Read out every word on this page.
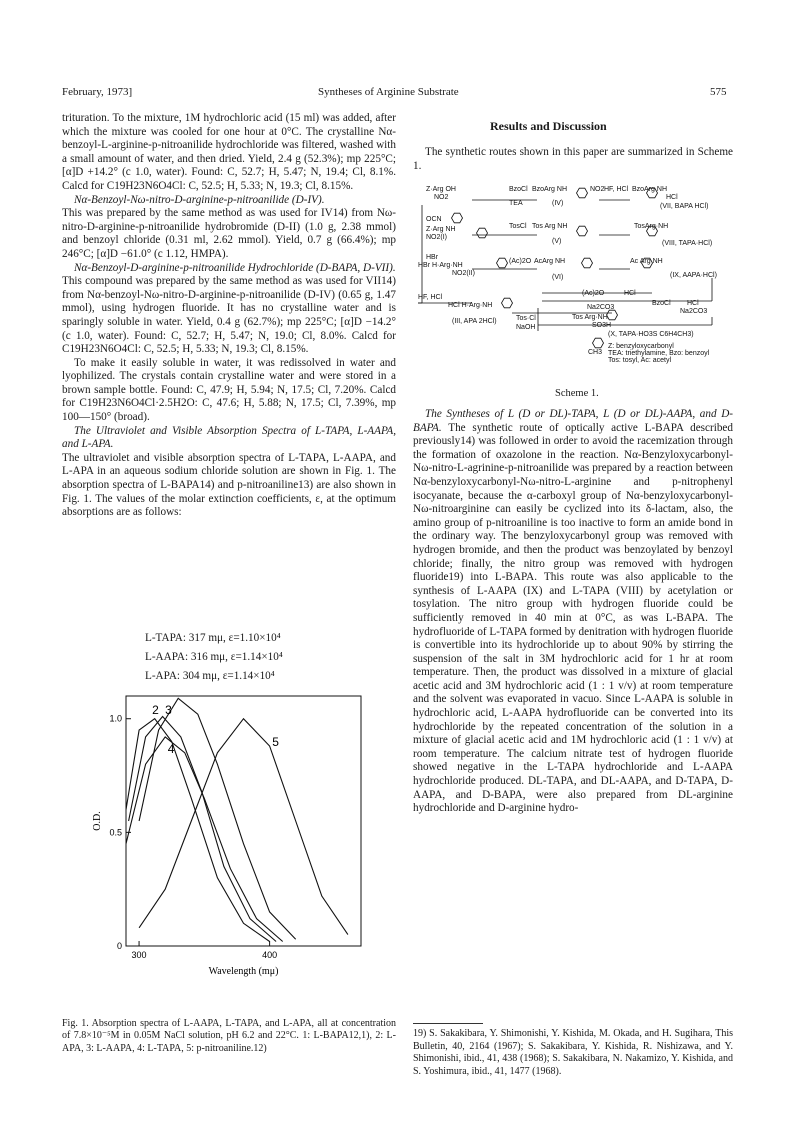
February, 1973]	Syntheses of Arginine Substrate	575

trituration. To the mixture, 1M hydrochloric acid (15 ml) was added, after which the mixture was cooled for one hour at 0°C. The crystalline Nα-benzoyl-L-arginine-p-nitroanilide hydrochloride was filtered, washed with a small amount of water, and then dried. Yield, 2.4 g (52.3%); mp 225°C; [α]D +14.2° (c 1.0, water). Found: C, 52.7; H, 5.47; N, 19.4; Cl, 8.1%. Calcd for C19H23N6O4Cl: C, 52.5; H, 5.33; N, 19.3; Cl, 8.15%.

Nα-Benzoyl-Nω-nitro-D-arginine-p-nitroanilide (D-IV).

This was prepared by the same method as was used for IV14) from Nω-nitro-D-arginine-p-nitroanilide hydrobromide (D-II) (1.0 g, 2.38 mmol) and benzoyl chloride (0.31 ml, 2.62 mmol). Yield, 0.7 g (66.4%); mp 246°C; [α]D −61.0° (c 1.12, HMPA).

Nα-Benzoyl-D-arginine-p-nitroanilide Hydrochloride (D-BAPA, D-VII).

This compound was prepared by the same method as was used for VII14) from Nα-benzoyl-Nω-nitro-D-arginine-p-nitroanilide (D-IV) (0.65 g, 1.47 mmol), using hydrogen fluoride. It has no crystalline water and is sparingly soluble in water. Yield, 0.4 g (62.7%); mp 225°C; [α]D −14.2° (c 1.0, water). Found: C, 52.7; H, 5.47; N, 19.0; Cl, 8.0%. Calcd for C19H23N6O4Cl: C, 52.5; H, 5.33; N, 19.3; Cl, 8.15%.

To make it easily soluble in water, it was redissolved in water and lyophilized. The crystals contain crystalline water and were stored in a brown sample bottle. Found: C, 47.9; H, 5.94; N, 17.5; Cl, 7.20%. Calcd for C19H23N6O4Cl·2.5H2O: C, 47.6; H, 5.88; N, 17.5; Cl, 7.39%, mp 100—150° (broad).

The Ultraviolet and Visible Absorption Spectra of L-TAPA, L-AAPA, and L-APA.

The ultraviolet and visible absorption spectra of L-TAPA, L-AAPA, and L-APA in an aqueous sodium chloride solution are shown in Fig. 1. The absorption spectra of L-BAPA14) and p-nitroaniline13) are also shown in Fig. 1. The values of the molar extinction coefficients, ε, at the optimum absorptions are as follows:

L-TAPA: 317 mμ, ε=1.10×10⁴
L-AAPA: 316 mμ, ε=1.14×10⁴
L-APA: 304 mμ, ε=1.14×10⁴
0
0.5
1.0
300	400
Wavelength (mμ)
O.D.
2 3
4	5
Fig. 1. Absorption spectra of L-AAPA, L-TAPA, and L-APA, all at concentration of 7.8×10⁻⁵M in 0.05M NaCl solution, pH 6.2 and 22°C. 1: L-BAPA12,1), 2: L-APA, 3: L-AAPA, 4: L-TAPA, 5: p-nitroaniline.12)
Results and Discussion
The synthetic routes shown in this paper are summarized in Scheme 1.
Z·Arg OH
NO2
OCN
HBr
BzoCl
TEA
BzoArg NH	NO2 HF, HCl BzoArg NH
HCl
(VII, BAPA HCl)
(IV)
Z·Arg NH
NO2(I)
TosCl Tos Arg NH
(V)
TosArg·NH
(VIII, TAPA·HCl)
HBr H·Arg·NH
NO2(II)
(Ac)2O AcArg NH
(VI)
Ac Arg NH
(IX, AAPA·HCl)
HF, HCl
HCl H·Arg·NH
(III, APA 2HCl)
(Ac)2O	HCl
Na2CO3
BzoCl HCl
Na2CO3
Tos·Cl
NaOH
Tos Arg·NH
SO3H
(X, TAPA·HO3S C6H4CH3)
CH3
Z: benzyloxycarbonyl
TEA: triethylamine, Bzo: benzoyl
Tos: tosyl, Ac: acetyl
Scheme 1.

The Syntheses of L (D or DL)-TAPA, L (D or DL)-AAPA, and D-BAPA. The synthetic route of optically active L-BAPA described previously14) was followed in order to avoid the racemization through the formation of oxazolone in the reaction. Nα-Benzyloxycarbonyl-Nω-nitro-L-agrinine-p-nitroanilide was prepared by a reaction between Nα-benzyloxycarbonyl-Nω-nitro-L-arginine and p-nitrophenyl isocyanate, because the α-carboxyl group of Nα-benzyloxycarbonyl-Nω-nitroarginine can easily be cyclized into its δ-lactam, also, the amino group of p-nitroaniline is too inactive to form an amide bond in the ordinary way. The benzyloxycarbonyl group was removed with hydrogen bromide, and then the product was benzoylated by benzoyl chloride; finally, the nitro group was removed with hydrogen fluoride19) into L-BAPA. This route was also applicable to the synthesis of L-AAPA (IX) and L-TAPA (VIII) by acetylation or tosylation. The nitro group with hydrogen fluoride could be sufficiently removed in 40 min at 0°C, as was L-BAPA. The hydrofluoride of L-TAPA formed by denitration with hydrogen fluoride is convertible into its hydrochloride up to about 90% by stirring the suspension of the salt in 3M hydrochloric acid for 1 hr at room temperature. Then, the product was dissolved in a mixture of glacial acetic acid and 3M hydrochloric acid (1 : 1 v/v) at room temperature and the solvent was evaporated in vacuo. Since L-AAPA is soluble in hydrochloric acid, L-AAPA hydrofluoride can be converted into its hydrochloride by the repeated concentration of the solution in a mixture of glacial acetic acid and 1M hydrochloric acid (1 : 1 v/v) at room temperature. The calcium nitrate test of hydrogen fluoride showed negative in the L-TAPA hydrochloride and L-AAPA hydrochloride produced. DL-TAPA, and DL-AAPA, and D-TAPA, D-AAPA, and D-BAPA, were also prepared from DL-arginine hydrochloride and D-arginine hydro-

19) S. Sakakibara, Y. Shimonishi, Y. Kishida, M. Okada, and H. Sugihara, This Bulletin, 40, 2164 (1967); S. Sakakibara, Y. Kishida, R. Nishizawa, and Y. Shimonishi, ibid., 41, 438 (1968); S. Sakakibara, N. Nakamizo, Y. Kishida, and S. Yoshimura, ibid., 41, 1477 (1968).
